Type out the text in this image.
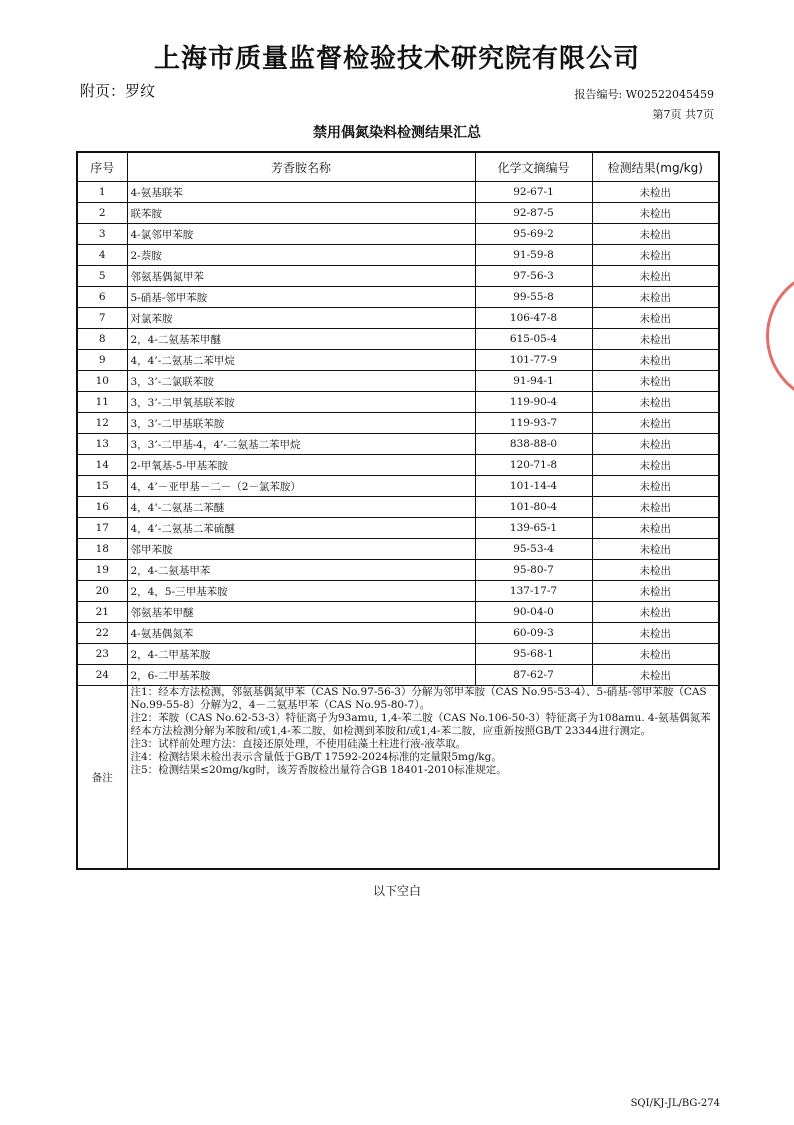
上海市质量监督检验技术研究院有限公司
附页：罗纹	报告编号: W02522045459
第7页 共7页
禁用偶氮染料检测结果汇总
序号	芳香胺名称	化学文摘编号	检测结果(mg/kg)
1	4-氨基联苯	92-67-1	未检出
2	联苯胺	92-87-5	未检出
3	4-氯邻甲苯胺	95-69-2	未检出
4	2-萘胺	91-59-8	未检出
5	邻氨基偶氮甲苯	97-56-3	未检出
6	5-硝基-邻甲苯胺	99-55-8	未检出
7	对氯苯胺	106-47-8	未检出
8	2，4-二氨基苯甲醚	615-05-4	未检出
9	4，4’-二氨基二苯甲烷	101-77-9	未检出
10	3，3’-二氯联苯胺	91-94-1	未检出
11	3，3’-二甲氧基联苯胺	119-90-4	未检出
12	3，3’-二甲基联苯胺	119-93-7	未检出
13	3，3’-二甲基-4，4’-二氨基二苯甲烷	838-88-0	未检出
14	2-甲氧基-5-甲基苯胺	120-71-8	未检出
15	4，4’－亚甲基－二－（2－氯苯胺）	101-14-4	未检出
16	4，4’-二氨基二苯醚	101-80-4	未检出
17	4，4’-二氨基二苯硫醚	139-65-1	未检出
18	邻甲苯胺	95-53-4	未检出
19	2，4-二氨基甲苯	95-80-7	未检出
20	2，4，5-三甲基苯胺	137-17-7	未检出
21	邻氨基苯甲醚	90-04-0	未检出
22	4-氨基偶氮苯	60-09-3	未检出
23	2，4-二甲基苯胺	95-68-1	未检出
24	2，6-二甲基苯胺	87-62-7	未检出
备注	注1：经本方法检测，邻氨基偶氮甲苯（CAS No.97-56-3）分解为邻甲苯胺（CAS No.95-53-4）、5-硝基-邻甲苯胺（CAS No.99-55-8）分解为2，4－二氨基甲苯（CAS No.95-80-7）。
注2：苯胺（CAS No.62-53-3）特征离子为93amu, 1,4-苯二胺（CAS No.106-50-3）特征离子为108amu. 4-氨基偶氮苯经本方法检测分解为苯胺和/或1,4-苯二胺，如检测到苯胺和/或1,4-苯二胺，应重新按照GB/T 23344进行测定。
注3：试样前处理方法：直接还原处理，不使用硅藻土柱进行液-液萃取。
注4：检测结果未检出表示含量低于GB/T 17592-2024标准的定量限5mg/kg。
注5：检测结果≤20mg/kg时，该芳香胺检出量符合GB 18401-2010标准规定。		
以下空白
SQI/KJ-JL/BG-274
